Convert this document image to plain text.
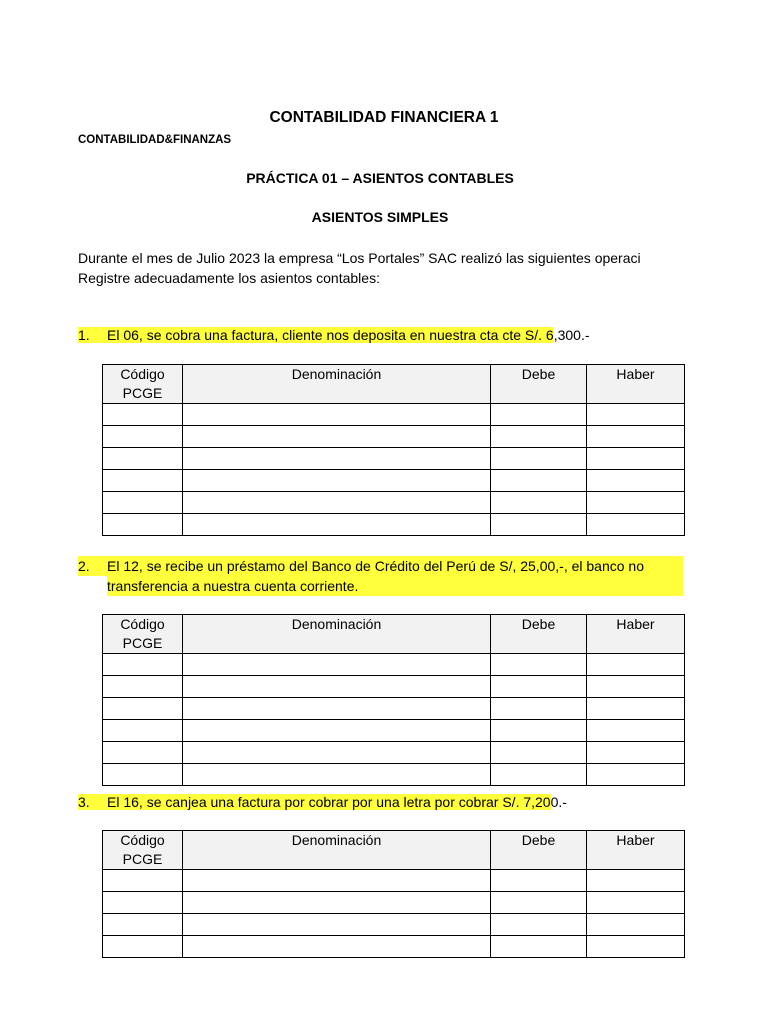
CONTABILIDAD FINANCIERA 1
CONTABILIDAD&FINANZAS
PRÁCTICA 01 – ASIENTOS CONTABLES
ASIENTOS SIMPLES
Durante el mes de Julio 2023 la empresa “Los Portales” SAC realizó las siguientes operaci
Registre adecuadamente los asientos contables:
1. El 06, se cobra una factura, cliente nos deposita en nuestra cta cte S/. 6,300.-
Código
PCGE	Denominación	Debe	Haber

2. El 12, se recibe un préstamo del Banco de Crédito del Perú de S/, 25,00,-, el banco no
transferencia a nuestra cuenta corriente.
Código
PCGE	Denominación	Debe	Haber

3. El 16, se canjea una factura por cobrar por una letra por cobrar S/. 7,200.-
Código
PCGE	Denominación	Debe	Haber
